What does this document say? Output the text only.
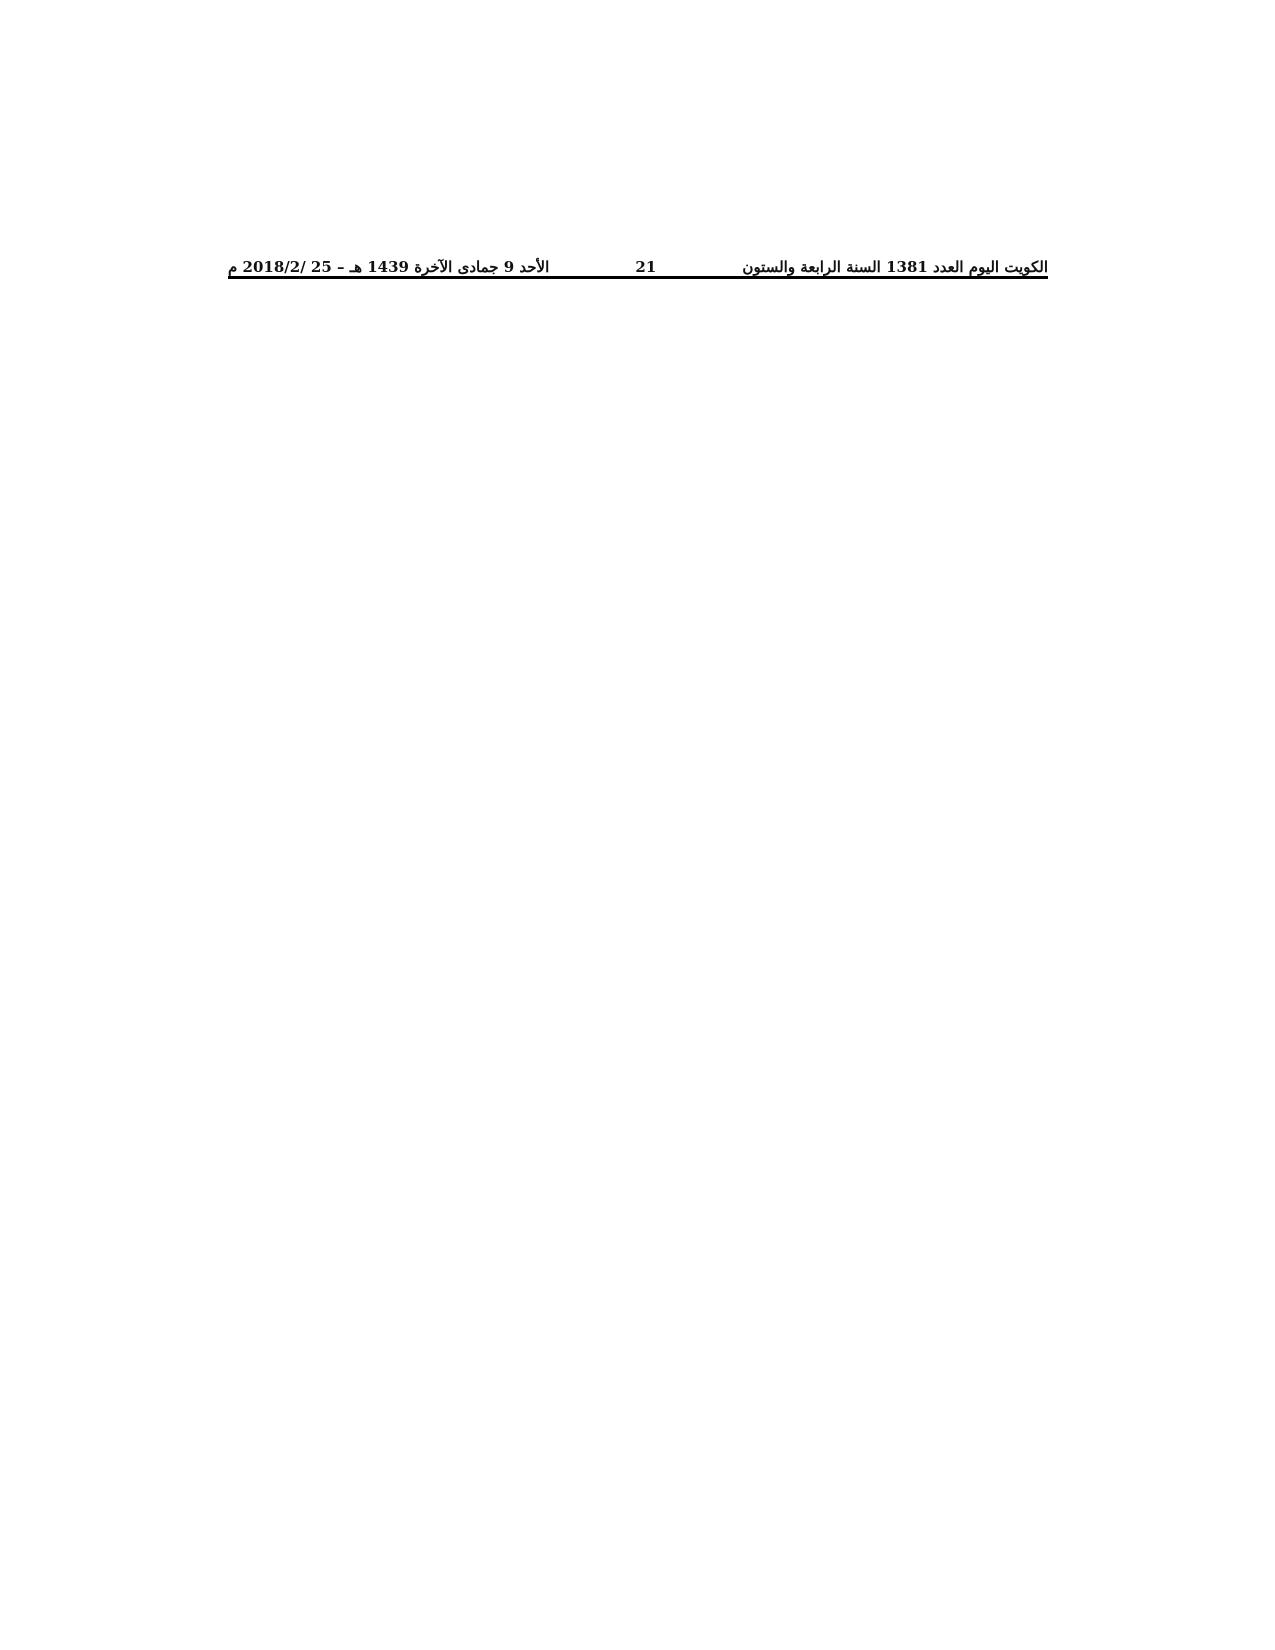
الكويت اليوم العدد 1381 السنة الرابعة والستون
21
الأحد 9 جمادى الآخرة 1439 هـ – 25 /2018/2 م
